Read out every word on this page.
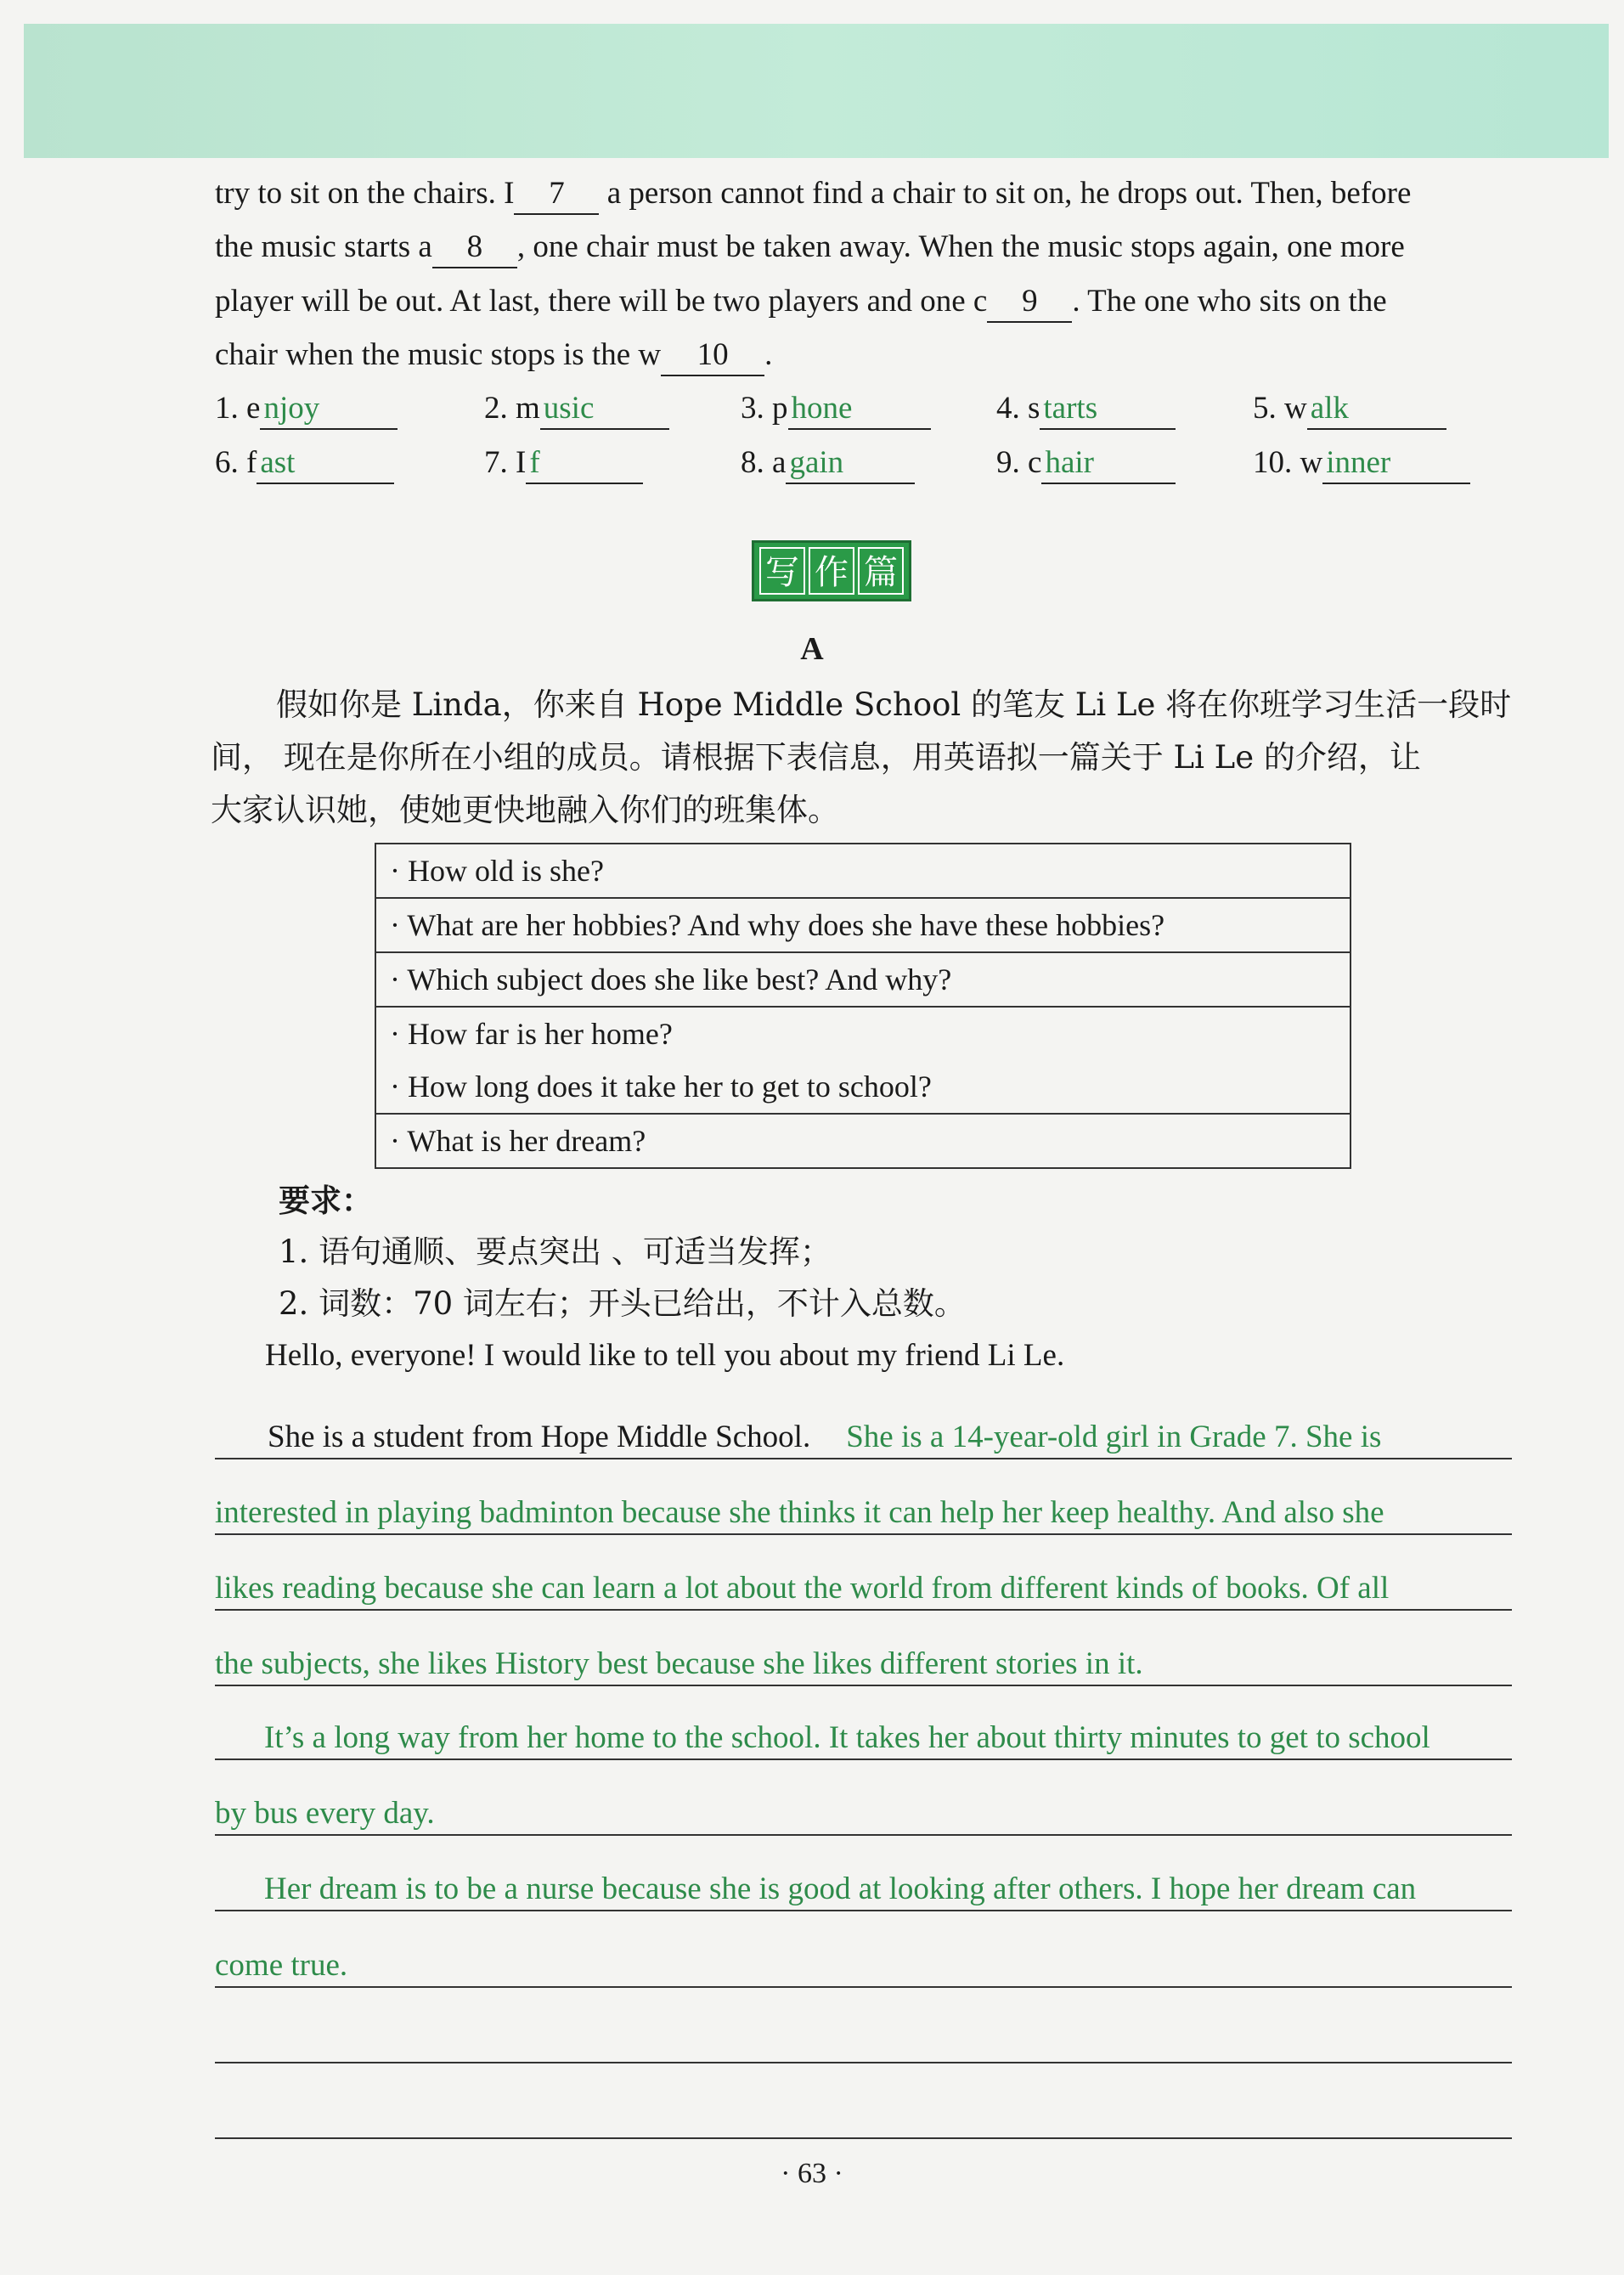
try to sit on the chairs. I 7 a person cannot find a chair to sit on, he drops out. Then, before
the music starts a 8 , one chair must be taken away. When the music stops again, one more
player will be out. At last, there will be two players and one c 9 . The one who sits on the
chair when the music stops is the w 10 .
1. e njoy	2. m usic	3. p hone	4. s tarts	5. w alk
6. f ast	7. I f	8. a gain	9. c hair	10. w inner
写 作 篇
A
假如你是 Linda，你来自 Hope Middle School 的笔友 Li Le 将在你班学习生活一段时
间， 现在是你所在小组的成员。请根据下表信息，用英语拟一篇关于 Li Le 的介绍，让
大家认识她，使她更快地融入你们的班集体。
· How old is she?
· What are her hobbies? And why does she have these hobbies?
· Which subject does she like best? And why?
· How far is her home?
· How long does it take her to get to school?
· What is her dream?
要求：
1. 语句通顺、要点突出 、可适当发挥；
2. 词数：70 词左右；开头已给出，不计入总数。
Hello, everyone! I would like to tell you about my friend Li Le.
She is a student from Hope Middle School. She is a 14-year-old girl in Grade 7. She is
interested in playing badminton because she thinks it can help her keep healthy. And also she
likes reading because she can learn a lot about the world from different kinds of books. Of all
the subjects, she likes History best because she likes different stories in it.
It’s a long way from her home to the school. It takes her about thirty minutes to get to school
by bus every day.
Her dream is to be a nurse because she is good at looking after others. I hope her dream can
come true.
· 63 ·
